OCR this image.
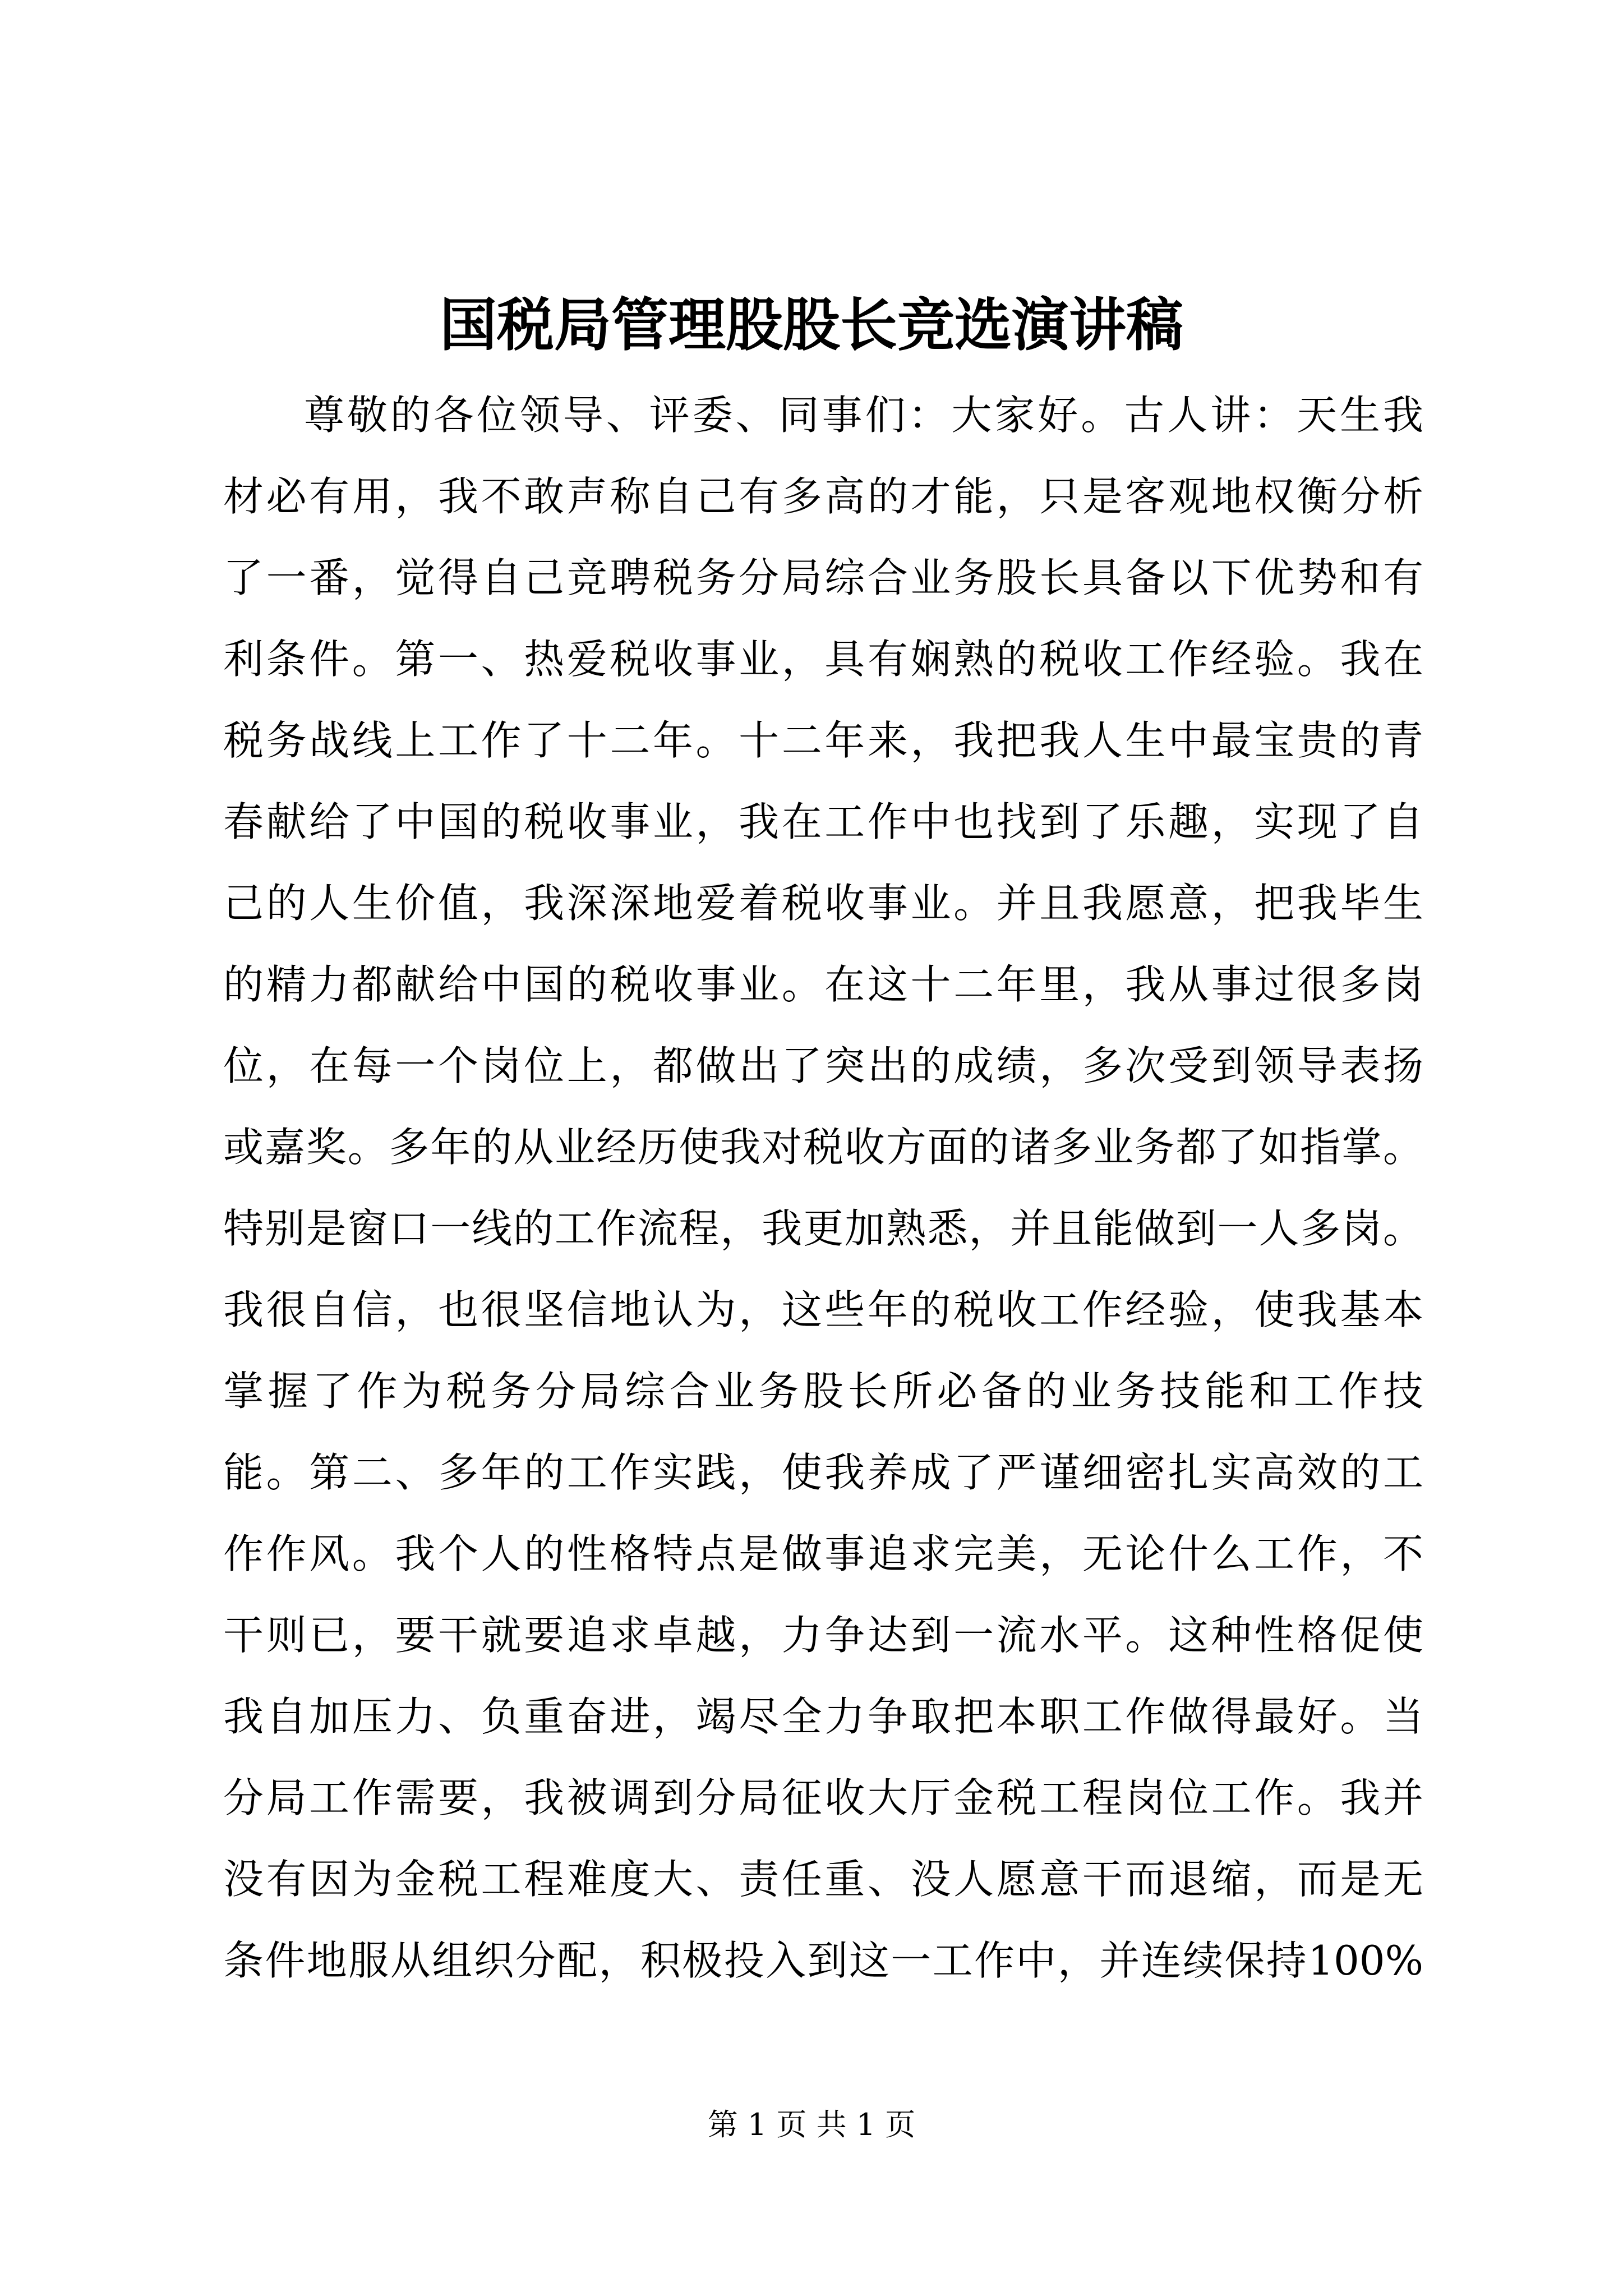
国税局管理股股长竞选演讲稿
尊敬的各位领导、评委、同事们：大家好。古人讲：天生我
材必有用，我不敢声称自己有多高的才能，只是客观地权衡分析
了一番，觉得自己竞聘税务分局综合业务股长具备以下优势和有
利条件。第一、热爱税收事业，具有娴熟的税收工作经验。我在
税务战线上工作了十二年。十二年来，我把我人生中最宝贵的青
春献给了中国的税收事业，我在工作中也找到了乐趣，实现了自
己的人生价值，我深深地爱着税收事业。并且我愿意，把我毕生
的精力都献给中国的税收事业。在这十二年里，我从事过很多岗
位，在每一个岗位上，都做出了突出的成绩，多次受到领导表扬
或嘉奖。多年的从业经历使我对税收方面的诸多业务都了如指掌。
特别是窗口一线的工作流程，我更加熟悉，并且能做到一人多岗。
我很自信，也很坚信地认为，这些年的税收工作经验，使我基本
掌握了作为税务分局综合业务股长所必备的业务技能和工作技
能。第二、多年的工作实践，使我养成了严谨细密扎实高效的工
作作风。我个人的性格特点是做事追求完美，无论什么工作，不
干则已，要干就要追求卓越，力争达到一流水平。这种性格促使
我自加压力、负重奋进，竭尽全力争取把本职工作做得最好。当
分局工作需要，我被调到分局征收大厅金税工程岗位工作。我并
没有因为金税工程难度大、责任重、没人愿意干而退缩，而是无
条件地服从组织分配，积极投入到这一工作中，并连续保持100%
第 1 页 共 1 页
